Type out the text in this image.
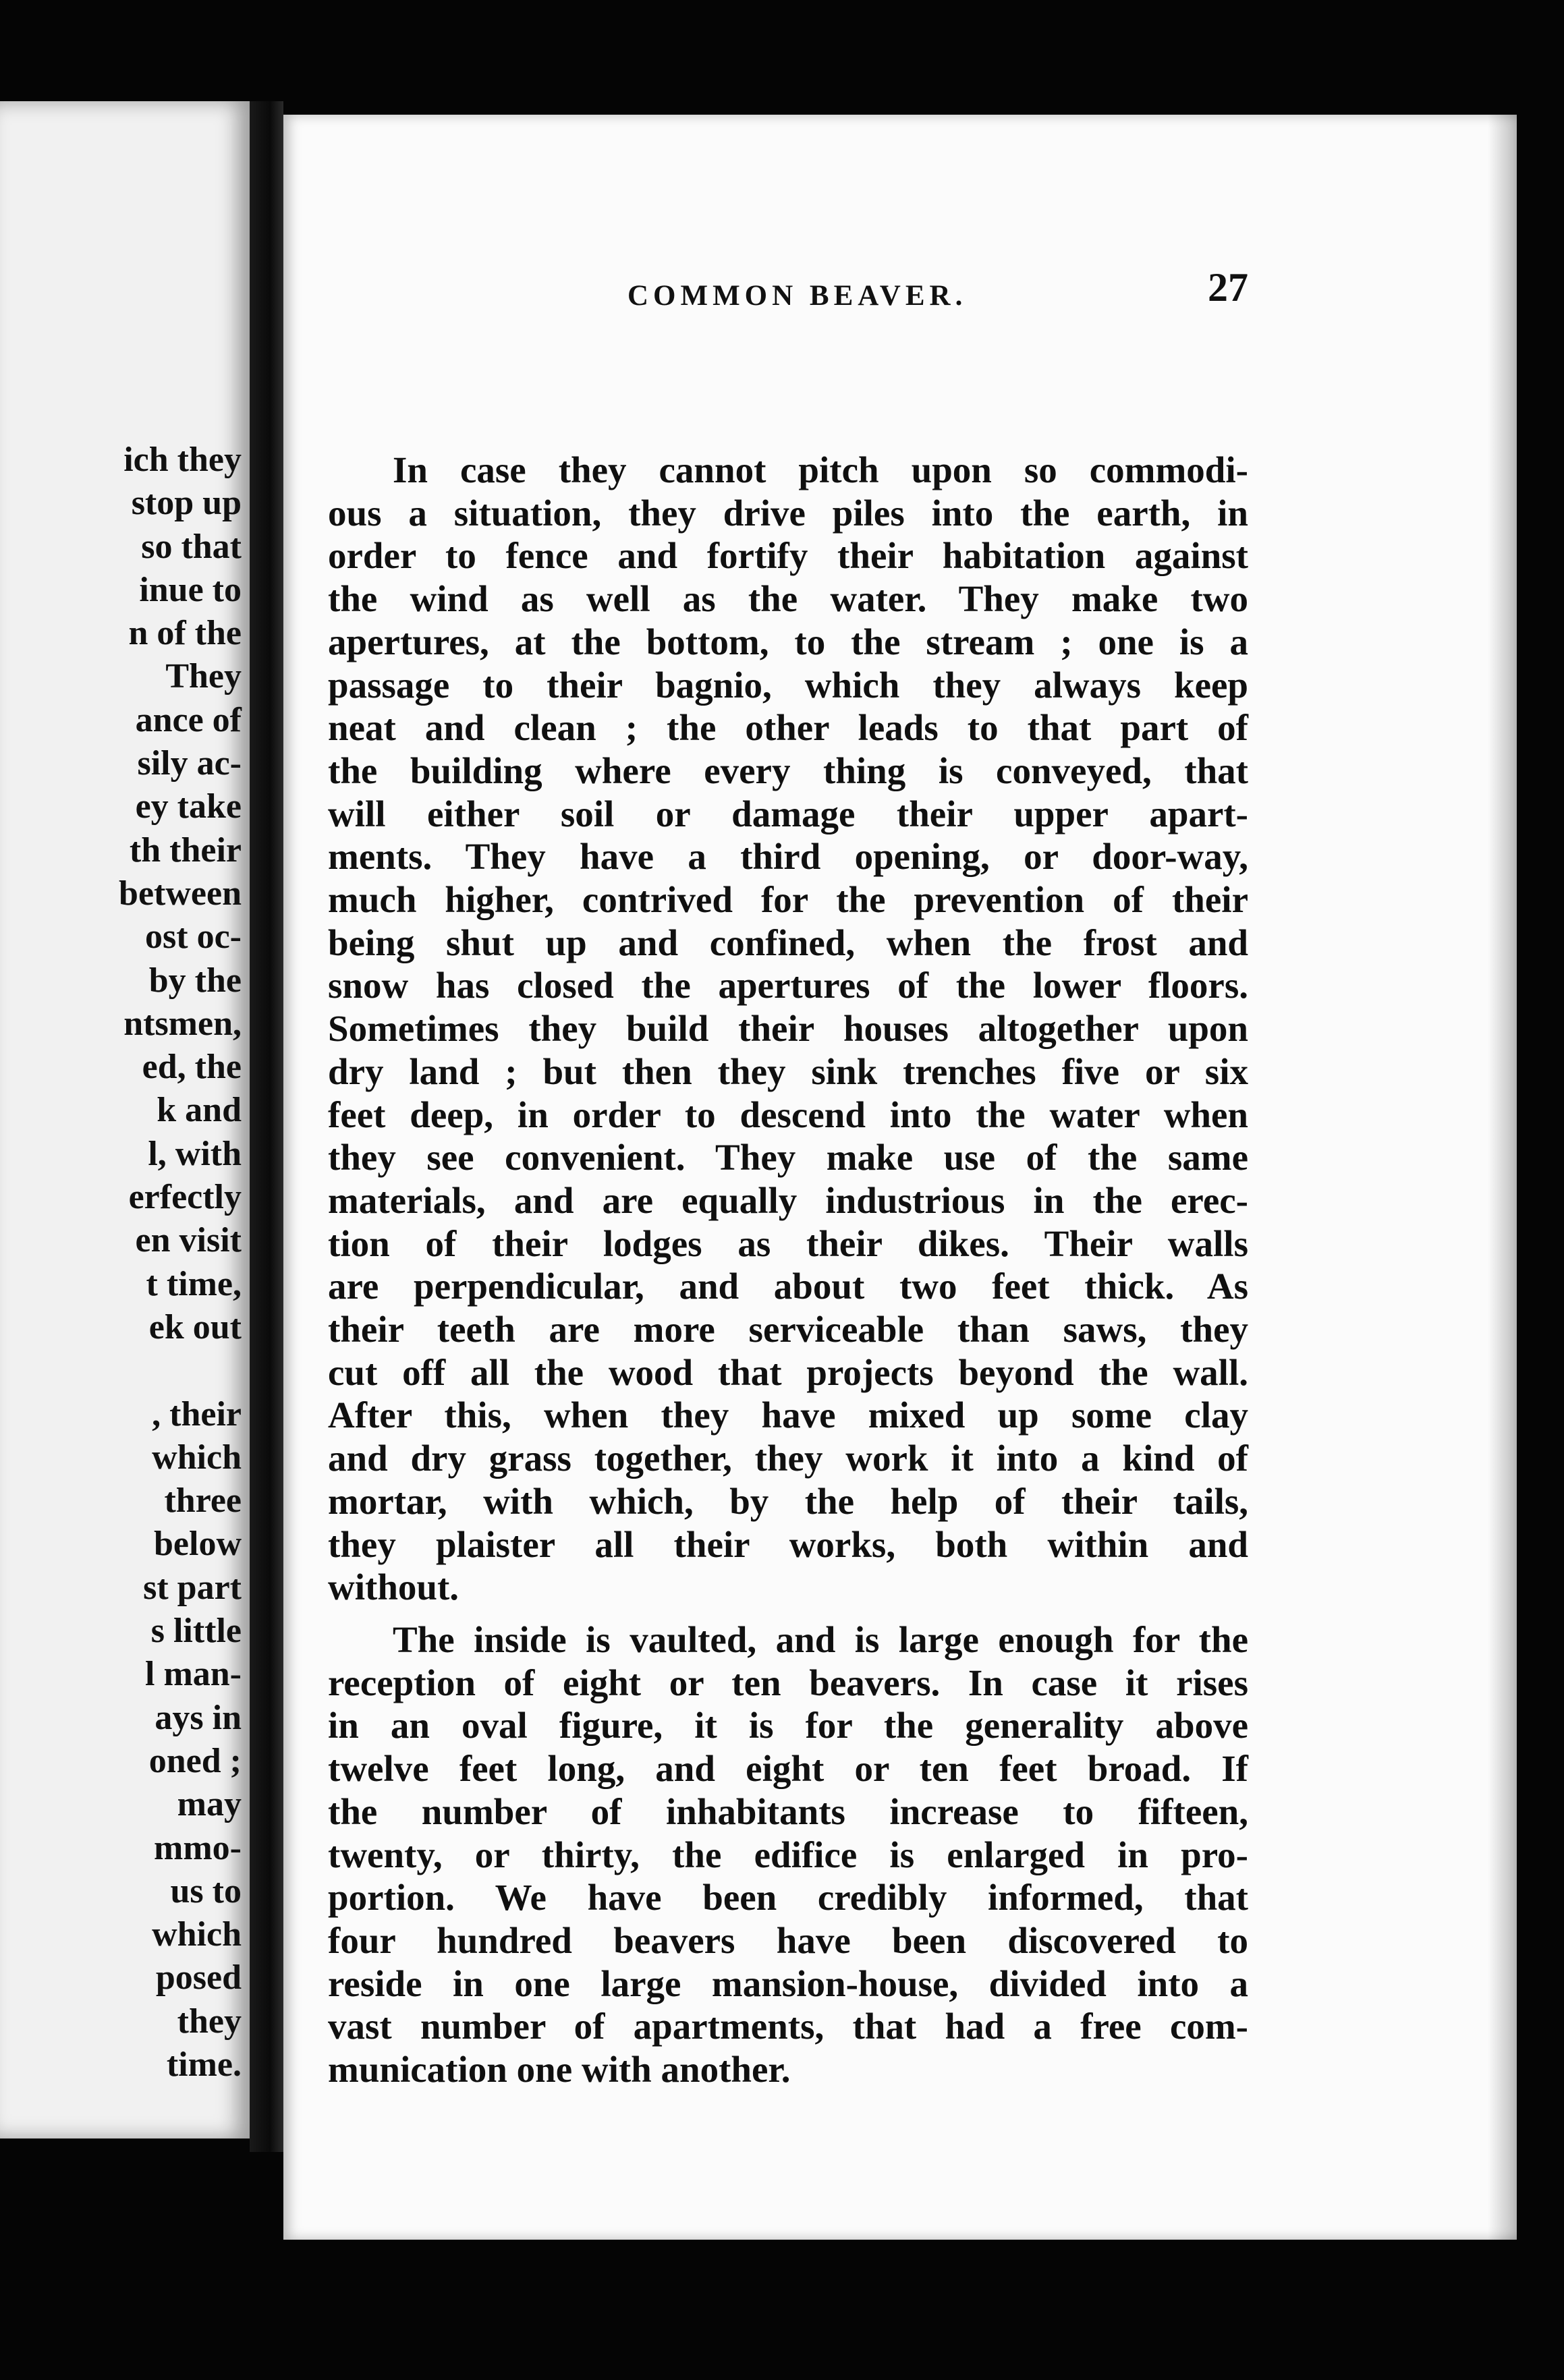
ich they
stop up
so that
inue to
n of the
They
ance of
sily ac-
ey take
th their
between
ost oc-
by the
ntsmen,
ed, the
k and
l, with
erfectly
en visit
t time,
ek out
, their
which
three
below
st part
s little
l man-
ays in
oned ;
may
mmo-
us to
which
posed
they
time.
COMMON BEAVER.	27
In case they cannot pitch upon so commodi-
ous a situation, they drive piles into the earth, in
order to fence and fortify their habitation against
the wind as well as the water. They make two
apertures, at the bottom, to the stream ; one is a
passage to their bagnio, which they always keep
neat and clean ; the other leads to that part of
the building where every thing is conveyed, that
will either soil or damage their upper apart-
ments. They have a third opening, or door-way,
much higher, contrived for the prevention of their
being shut up and confined, when the frost and
snow has closed the apertures of the lower floors.
Sometimes they build their houses altogether upon
dry land ; but then they sink trenches five or six
feet deep, in order to descend into the water when
they see convenient. They make use of the same
materials, and are equally industrious in the erec-
tion of their lodges as their dikes. Their walls
are perpendicular, and about two feet thick. As
their teeth are more serviceable than saws, they
cut off all the wood that projects beyond the wall.
After this, when they have mixed up some clay
and dry grass together, they work it into a kind of
mortar, with which, by the help of their tails,
they plaister all their works, both within and
without.
The inside is vaulted, and is large enough for the
reception of eight or ten beavers. In case it rises
in an oval figure, it is for the generality above
twelve feet long, and eight or ten feet broad. If
the number of inhabitants increase to fifteen,
twenty, or thirty, the edifice is enlarged in pro-
portion. We have been credibly informed, that
four hundred beavers have been discovered to
reside in one large mansion-house, divided into a
vast number of apartments, that had a free com-
munication one with another.
